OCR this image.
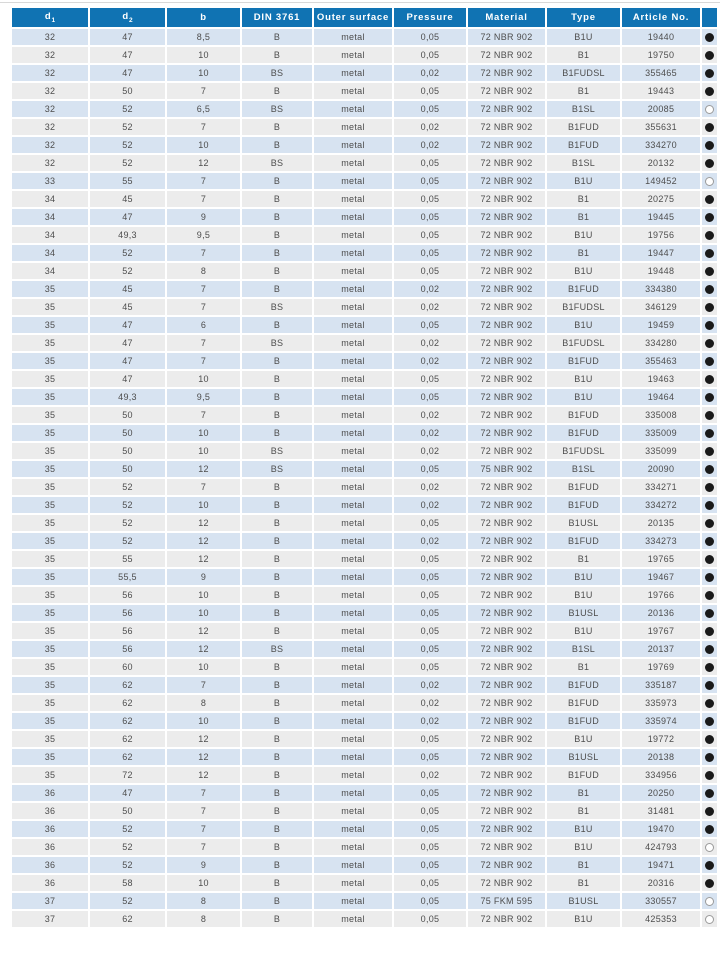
$d_1$	$d_2$	b	DIN 3761	Outer surface	Pressure	Material	Type	Article No.	
32	47	8,5	B	metal	0,05	72 NBR 902	B1U	19440	
32	47	10	B	metal	0,05	72 NBR 902	B1	19750	
32	47	10	BS	metal	0,02	72 NBR 902	B1FUDSL	355465	
32	50	7	B	metal	0,05	72 NBR 902	B1	19443	
32	52	6,5	BS	metal	0,05	72 NBR 902	B1SL	20085	
32	52	7	B	metal	0,02	72 NBR 902	B1FUD	355631	
32	52	10	B	metal	0,02	72 NBR 902	B1FUD	334270	
32	52	12	BS	metal	0,05	72 NBR 902	B1SL	20132	
33	55	7	B	metal	0,05	72 NBR 902	B1U	149452	
34	45	7	B	metal	0,05	72 NBR 902	B1	20275	
34	47	9	B	metal	0,05	72 NBR 902	B1	19445	
34	49,3	9,5	B	metal	0,05	72 NBR 902	B1U	19756	
34	52	7	B	metal	0,05	72 NBR 902	B1	19447	
34	52	8	B	metal	0,05	72 NBR 902	B1U	19448	
35	45	7	B	metal	0,02	72 NBR 902	B1FUD	334380	
35	45	7	BS	metal	0,02	72 NBR 902	B1FUDSL	346129	
35	47	6	B	metal	0,05	72 NBR 902	B1U	19459	
35	47	7	BS	metal	0,02	72 NBR 902	B1FUDSL	334280	
35	47	7	B	metal	0,02	72 NBR 902	B1FUD	355463	
35	47	10	B	metal	0,05	72 NBR 902	B1U	19463	
35	49,3	9,5	B	metal	0,05	72 NBR 902	B1U	19464	
35	50	7	B	metal	0,02	72 NBR 902	B1FUD	335008	
35	50	10	B	metal	0,02	72 NBR 902	B1FUD	335009	
35	50	10	BS	metal	0,02	72 NBR 902	B1FUDSL	335099	
35	50	12	BS	metal	0,05	75 NBR 902	B1SL	20090	
35	52	7	B	metal	0,02	72 NBR 902	B1FUD	334271	
35	52	10	B	metal	0,02	72 NBR 902	B1FUD	334272	
35	52	12	B	metal	0,05	72 NBR 902	B1USL	20135	
35	52	12	B	metal	0,02	72 NBR 902	B1FUD	334273	
35	55	12	B	metal	0,05	72 NBR 902	B1	19765	
35	55,5	9	B	metal	0,05	72 NBR 902	B1U	19467	
35	56	10	B	metal	0,05	72 NBR 902	B1U	19766	
35	56	10	B	metal	0,05	72 NBR 902	B1USL	20136	
35	56	12	B	metal	0,05	72 NBR 902	B1U	19767	
35	56	12	BS	metal	0,05	72 NBR 902	B1SL	20137	
35	60	10	B	metal	0,05	72 NBR 902	B1	19769	
35	62	7	B	metal	0,02	72 NBR 902	B1FUD	335187	
35	62	8	B	metal	0,02	72 NBR 902	B1FUD	335973	
35	62	10	B	metal	0,02	72 NBR 902	B1FUD	335974	
35	62	12	B	metal	0,05	72 NBR 902	B1U	19772	
35	62	12	B	metal	0,05	72 NBR 902	B1USL	20138	
35	72	12	B	metal	0,02	72 NBR 902	B1FUD	334956	
36	47	7	B	metal	0,05	72 NBR 902	B1	20250	
36	50	7	B	metal	0,05	72 NBR 902	B1	31481	
36	52	7	B	metal	0,05	72 NBR 902	B1U	19470	
36	52	7	B	metal	0,05	72 NBR 902	B1U	424793	
36	52	9	B	metal	0,05	72 NBR 902	B1	19471	
36	58	10	B	metal	0,05	72 NBR 902	B1	20316	
37	52	8	B	metal	0,05	75 FKM 595	B1USL	330557	
37	62	8	B	metal	0,05	72 NBR 902	B1U	425353	
